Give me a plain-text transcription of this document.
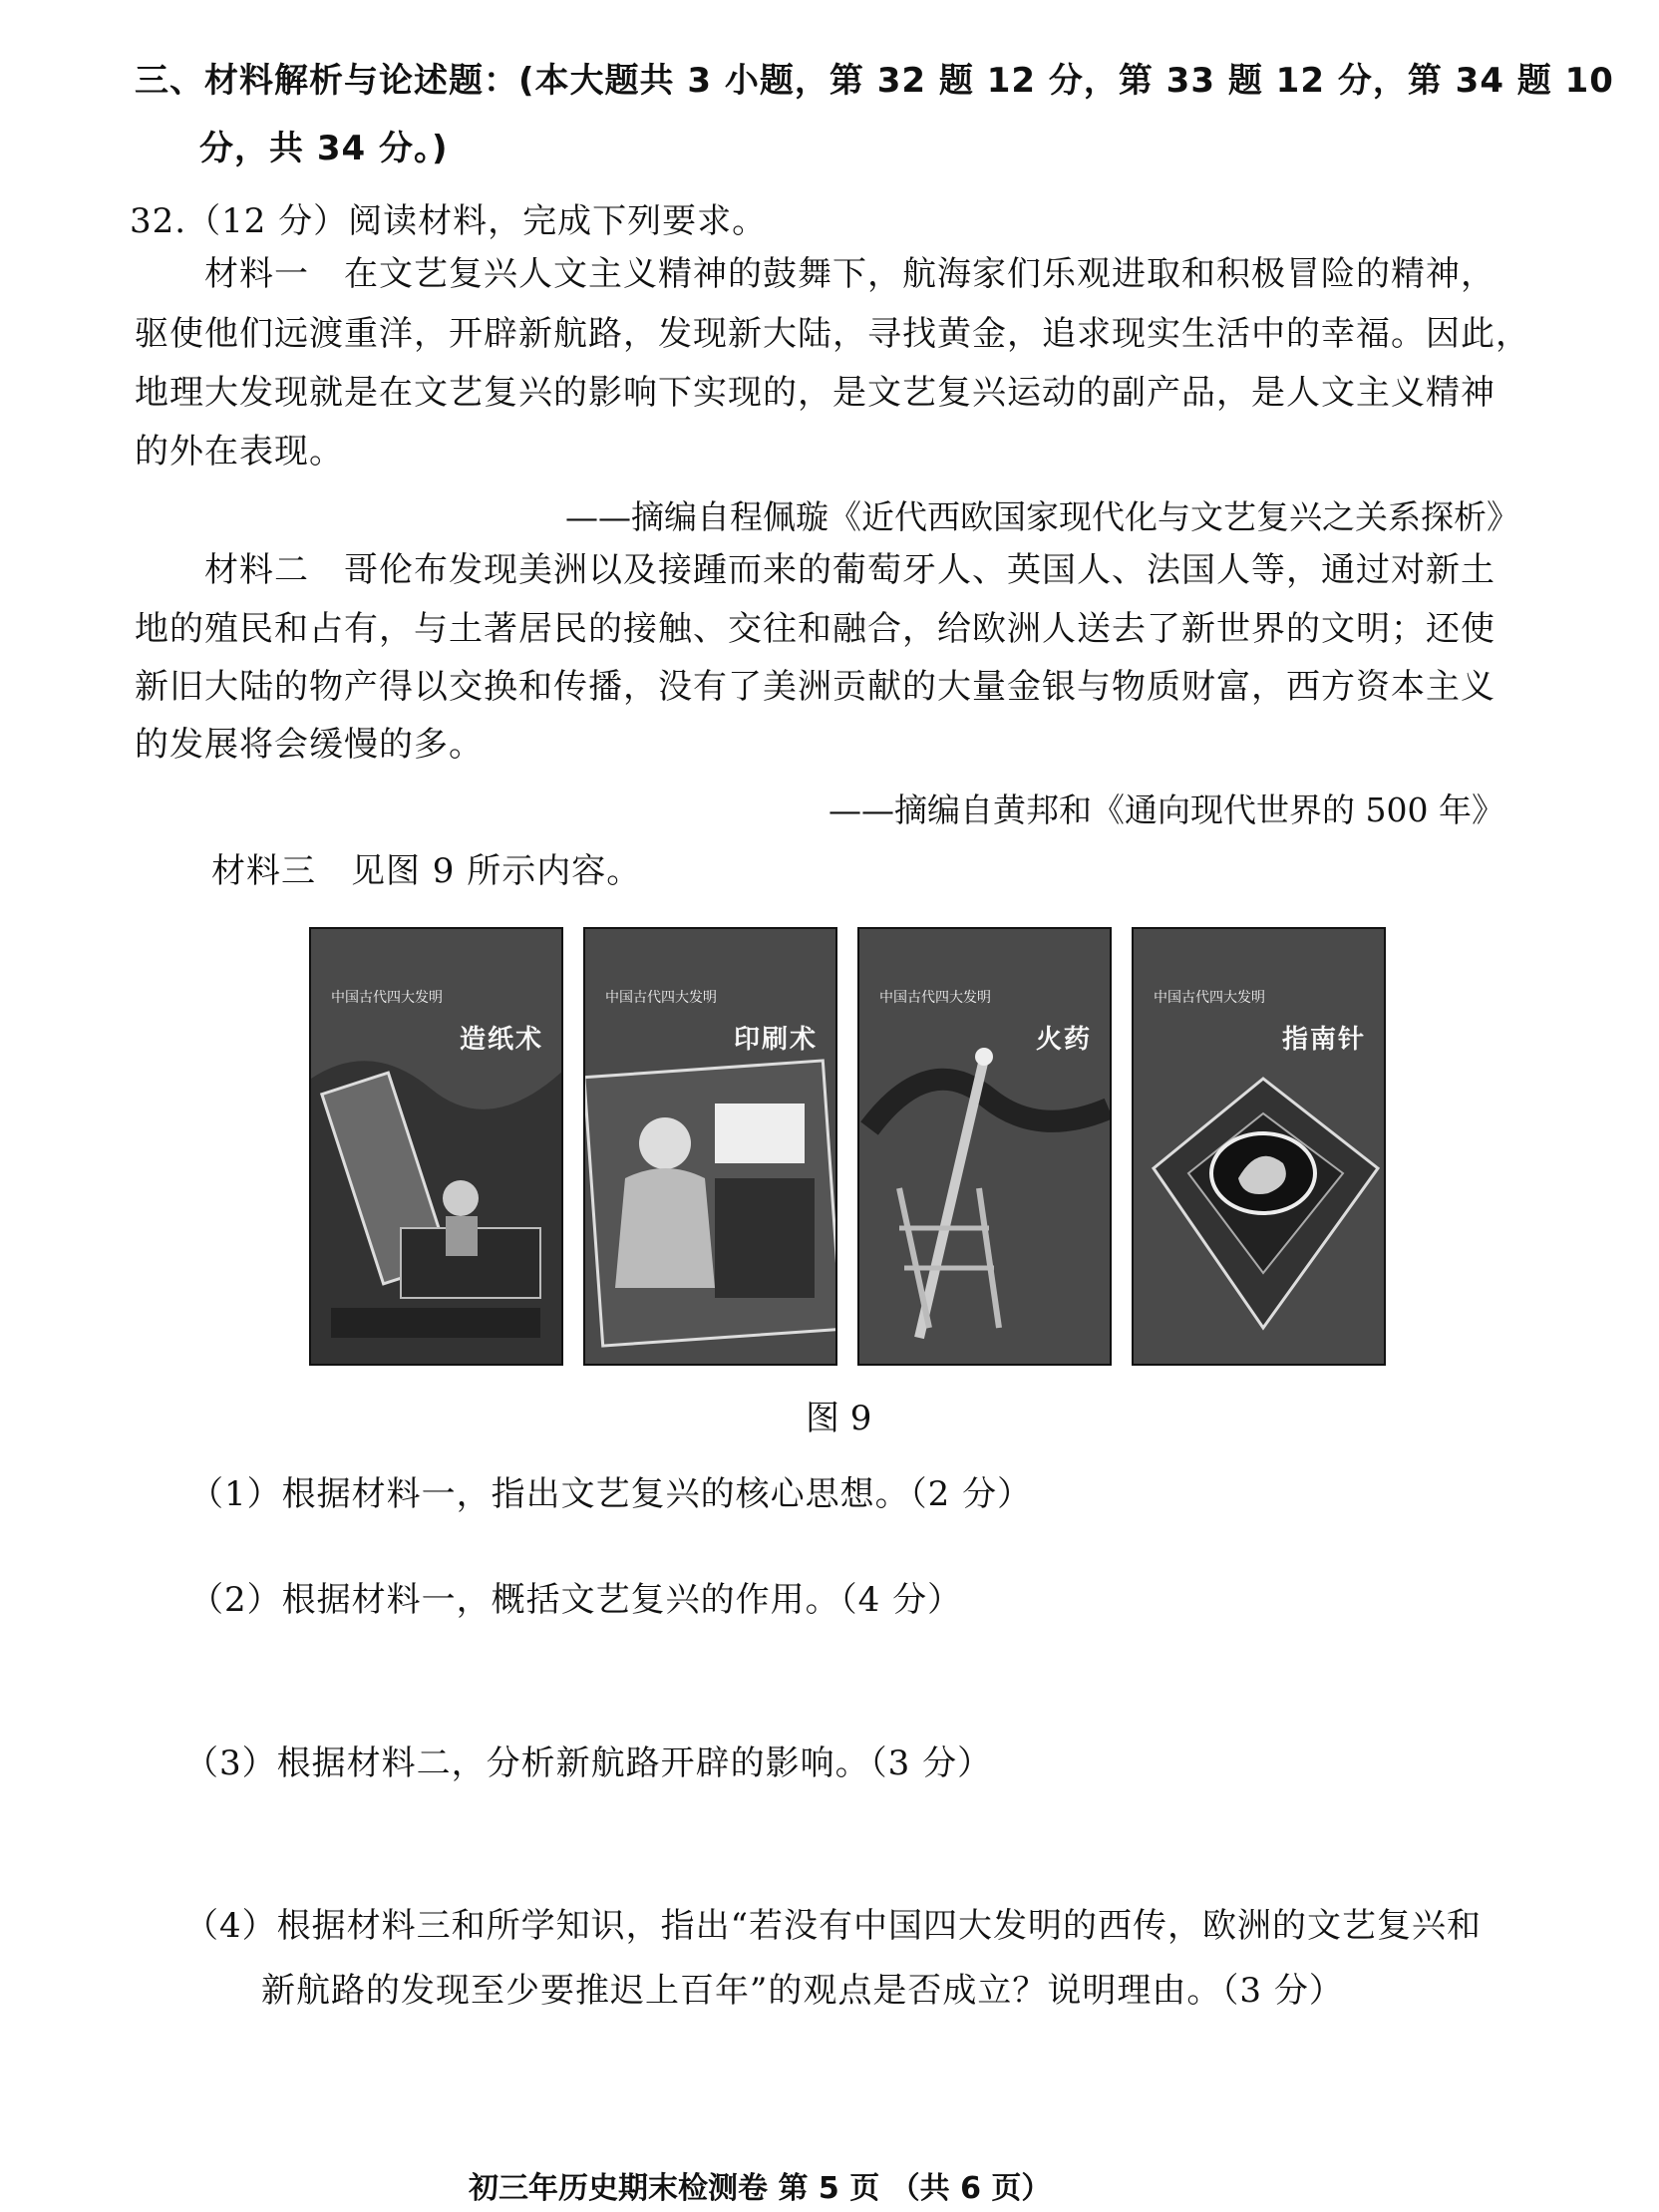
三、材料解析与论述题：(本大题共 3 小题，第 32 题 12 分，第 33 题 12 分，第 34 题 10
分，共 34 分。)
32.（12 分）阅读材料，完成下列要求。
材料一　在文艺复兴人文主义精神的鼓舞下，航海家们乐观进取和积极冒险的精神，
驱使他们远渡重洋，开辟新航路，发现新大陆，寻找黄金，追求现实生活中的幸福。因此，
地理大发现就是在文艺复兴的影响下实现的，是文艺复兴运动的副产品，是人文主义精神
的外在表现。
——摘编自程佩璇《近代西欧国家现代化与文艺复兴之关系探析》
材料二　哥伦布发现美洲以及接踵而来的葡萄牙人、英国人、法国人等，通过对新土
地的殖民和占有，与土著居民的接触、交往和融合，给欧洲人送去了新世界的文明；还使
新旧大陆的物产得以交换和传播，没有了美洲贡献的大量金银与物质财富，西方资本主义
的发展将会缓慢的多。
——摘编自黄邦和《通向现代世界的 500 年》
材料三　见图 9 所示内容。
中国古代四大发明
造纸术
中国古代四大发明
印刷术
中国古代四大发明
火药
中国古代四大发明
指南针
图 9
（1）根据材料一，指出文艺复兴的核心思想。（2 分）
（2）根据材料一，概括文艺复兴的作用。（4 分）
（3）根据材料二，分析新航路开辟的影响。（3 分）
（4）根据材料三和所学知识，指出“若没有中国四大发明的西传，欧洲的文艺复兴和
新航路的发现至少要推迟上百年”的观点是否成立？说明理由。（3 分）
初三年历史期末检测卷 第 5 页 （共 6 页）
